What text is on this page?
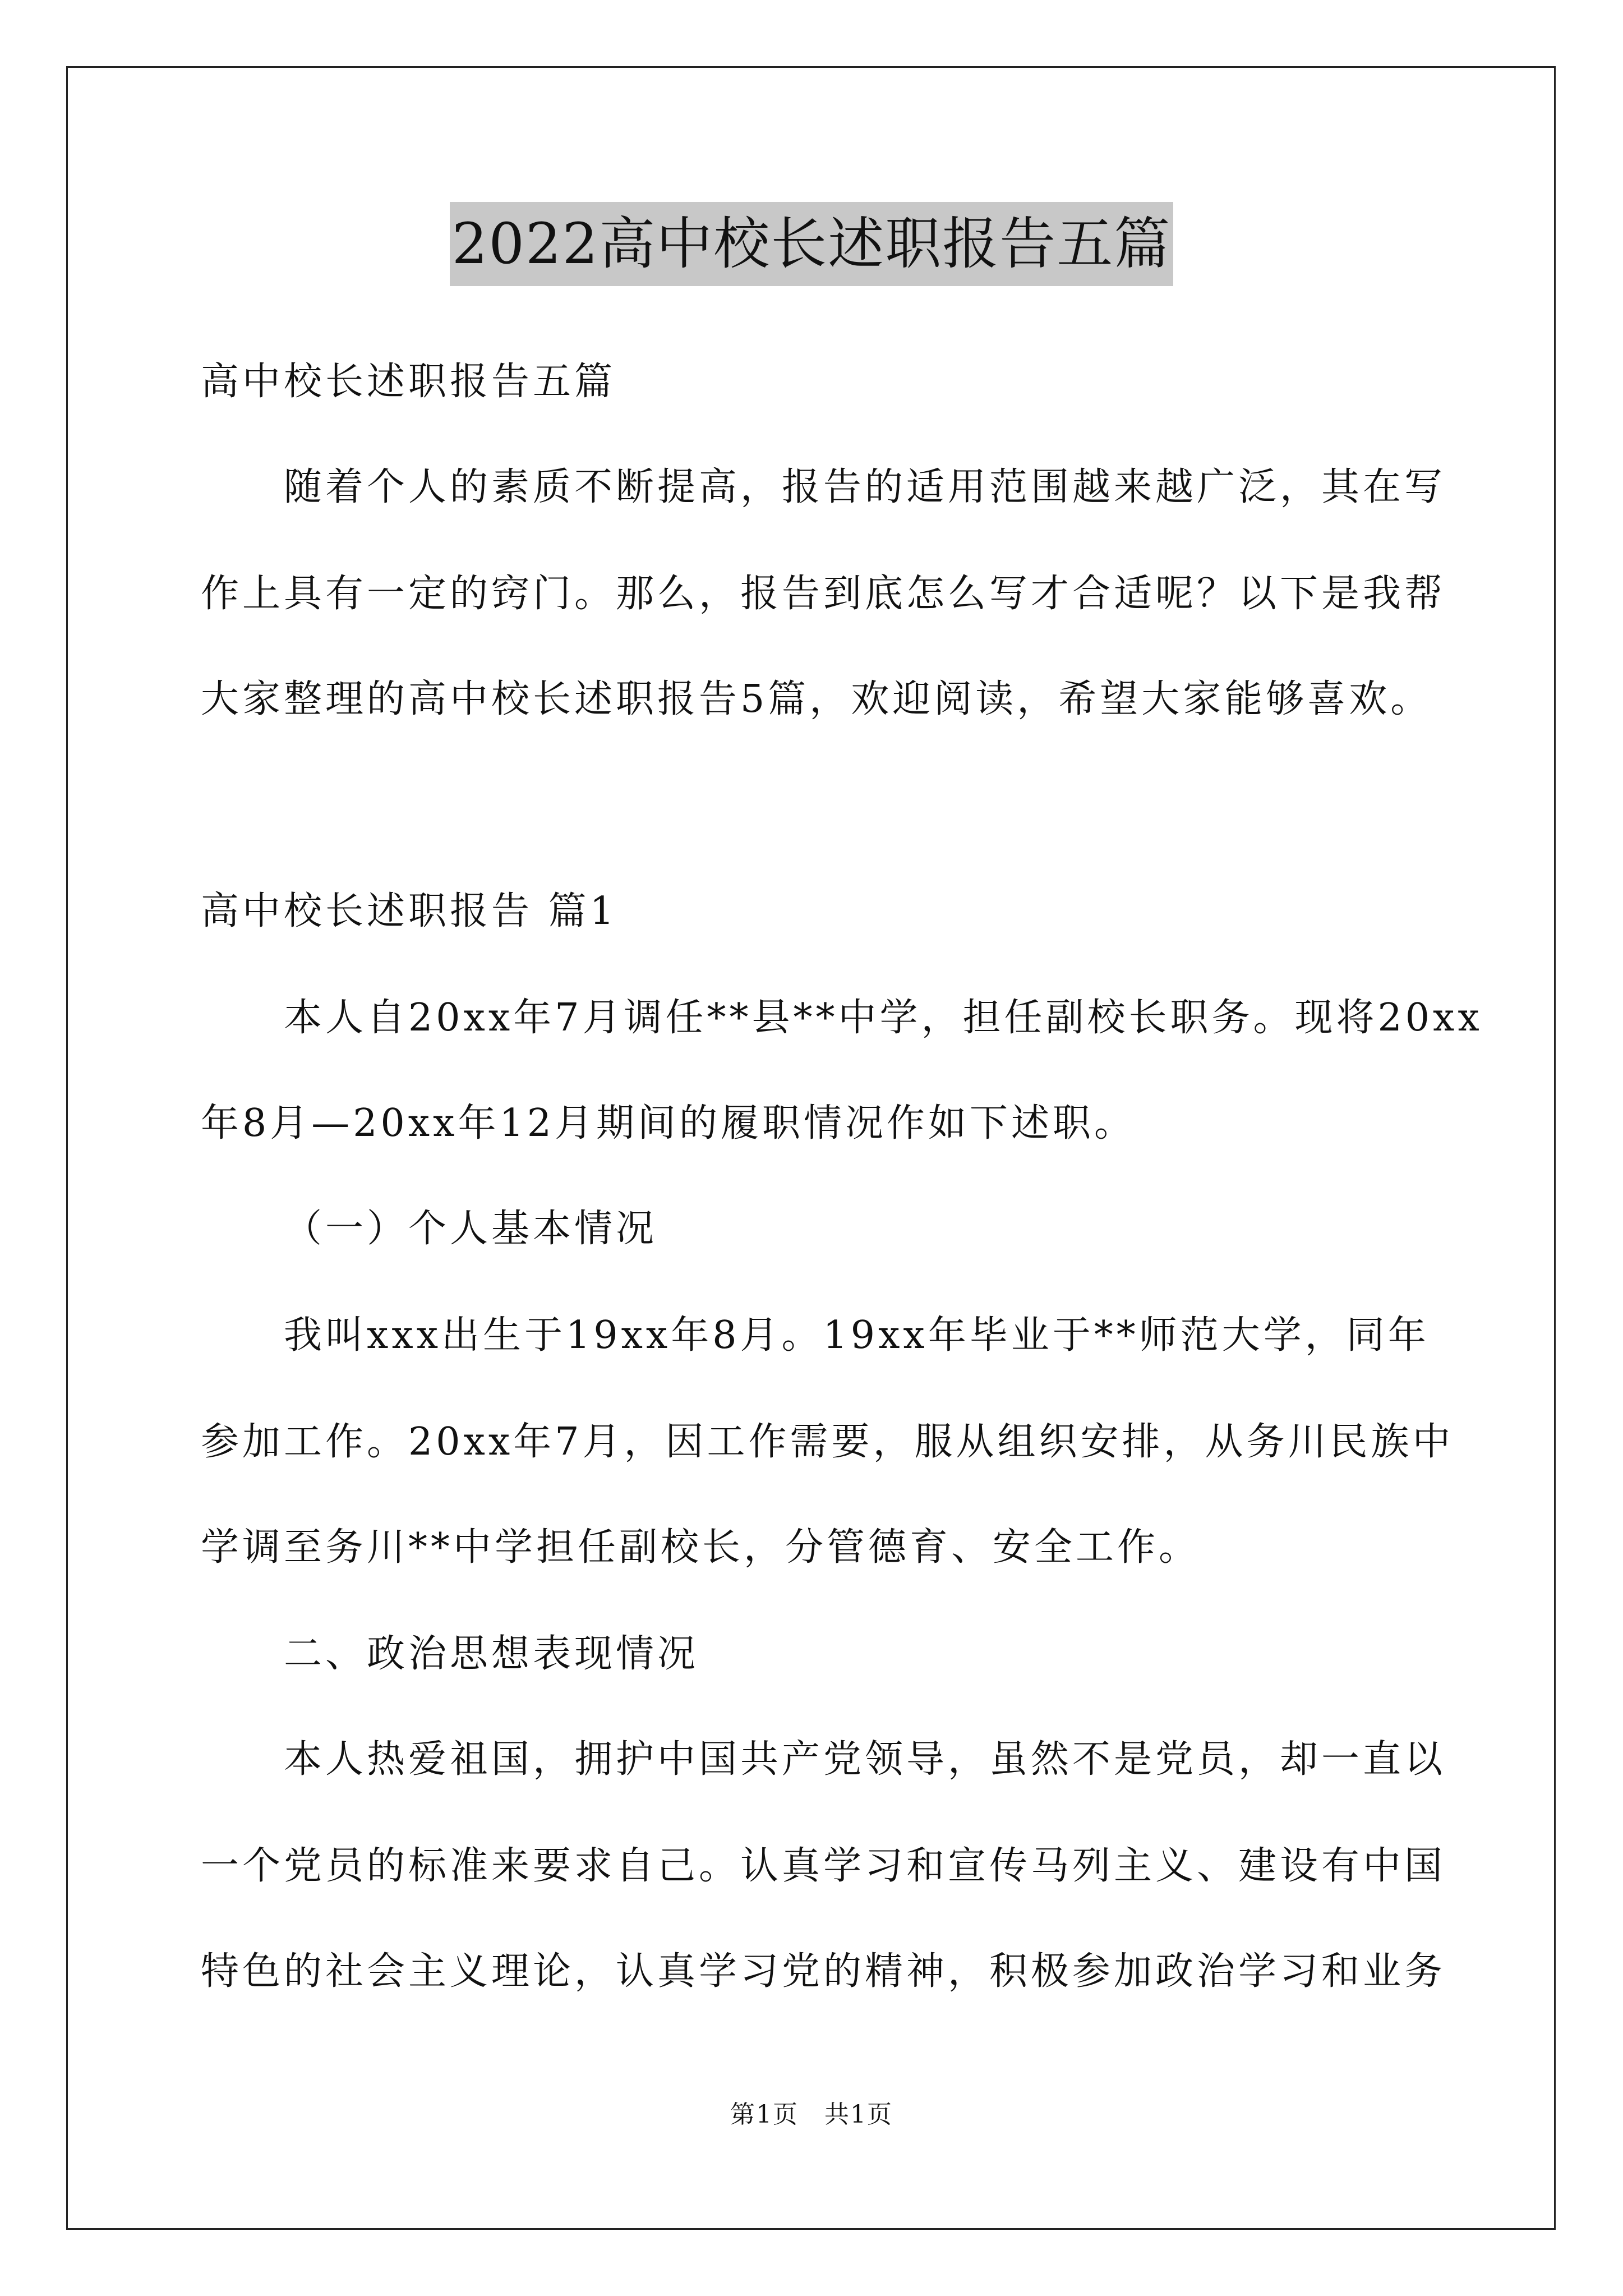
2022高中校长述职报告五篇
高中校长述职报告五篇
随着个人的素质不断提高，报告的适用范围越来越广泛，其在写
作上具有一定的窍门。那么，报告到底怎么写才合适呢？以下是我帮
大家整理的高中校长述职报告5篇，欢迎阅读，希望大家能够喜欢。
高中校长述职报告 篇1
本人自20xx年7月调任**县**中学，担任副校长职务。现将20xx
年8月—20xx年12月期间的履职情况作如下述职。
（一）个人基本情况
我叫xxx出生于19xx年8月。19xx年毕业于**师范大学，同年
参加工作。20xx年7月，因工作需要，服从组织安排，从务川民族中
学调至务川**中学担任副校长，分管德育、安全工作。
二、政治思想表现情况
本人热爱祖国，拥护中国共产党领导，虽然不是党员，却一直以
一个党员的标准来要求自己。认真学习和宣传马列主义、建设有中国
特色的社会主义理论，认真学习党的精神，积极参加政治学习和业务
第1页 共1页
